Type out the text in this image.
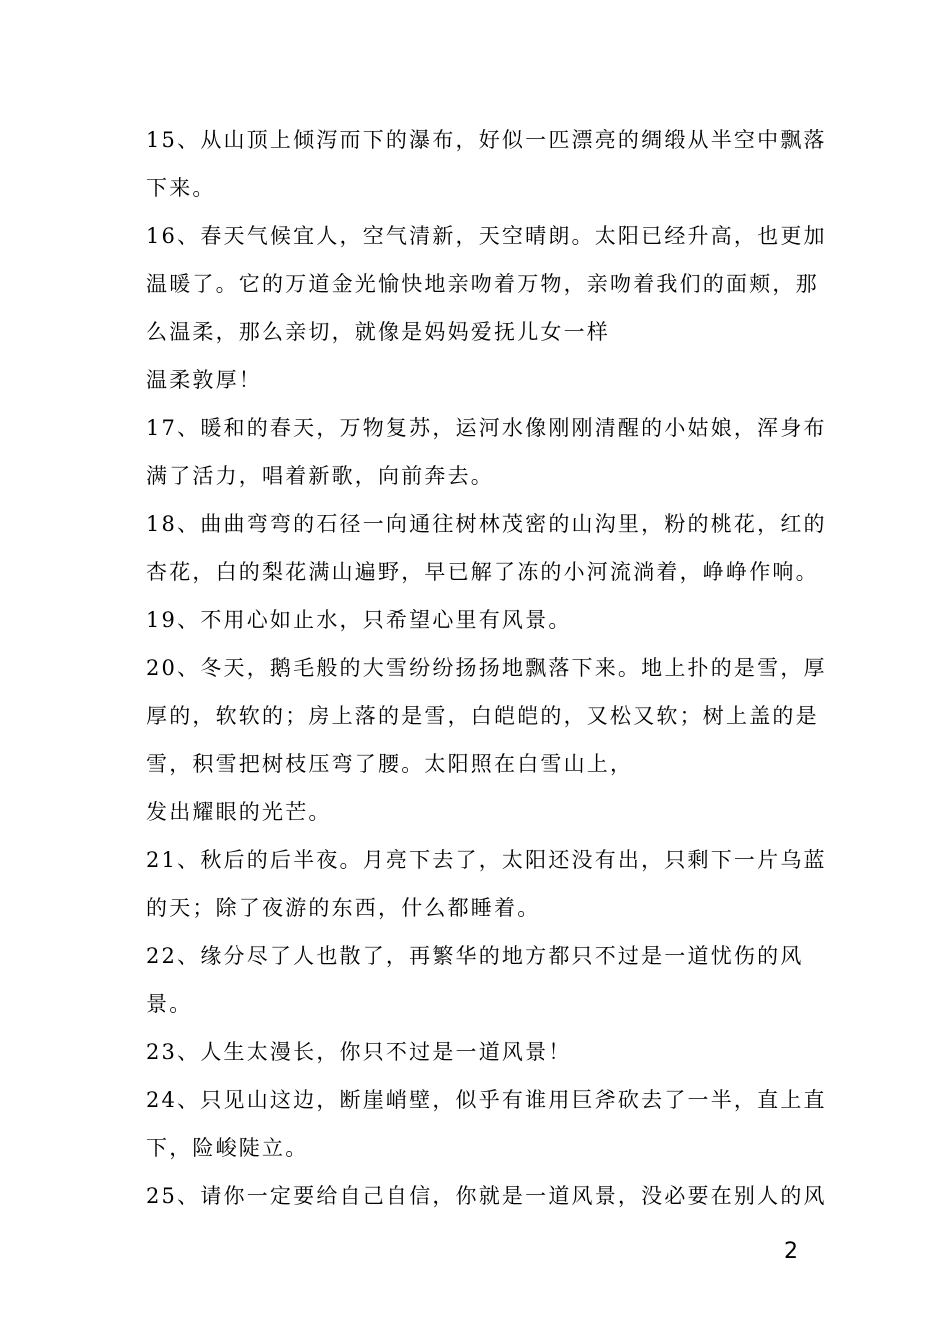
15、从山顶上倾泻而下的瀑布，好似一匹漂亮的绸缎从半空中飘落
下来。
16、春天气候宜人，空气清新，天空晴朗。太阳已经升高，也更加
温暖了。它的万道金光愉快地亲吻着万物，亲吻着我们的面颊，那
么温柔，那么亲切，就像是妈妈爱抚儿女一样
温柔敦厚！
17、暖和的春天，万物复苏，运河水像刚刚清醒的小姑娘，浑身布
满了活力，唱着新歌，向前奔去。
18、曲曲弯弯的石径一向通往树林茂密的山沟里，粉的桃花，红的
杏花，白的梨花满山遍野，早已解了冻的小河流淌着，峥峥作响。
19、不用心如止水，只希望心里有风景。
20、冬天，鹅毛般的大雪纷纷扬扬地飘落下来。地上扑的是雪，厚
厚的，软软的；房上落的是雪，白皑皑的，又松又软；树上盖的是
雪，积雪把树枝压弯了腰。太阳照在白雪山上，
发出耀眼的光芒。
21、秋后的后半夜。月亮下去了，太阳还没有出，只剩下一片乌蓝
的天；除了夜游的东西，什么都睡着。
22、缘分尽了人也散了，再繁华的地方都只不过是一道忧伤的风
景。
23、人生太漫长，你只不过是一道风景！
24、只见山这边，断崖峭壁，似乎有谁用巨斧砍去了一半，直上直
下，险峻陡立。
25、请你一定要给自己自信，你就是一道风景，没必要在别人的风
2
